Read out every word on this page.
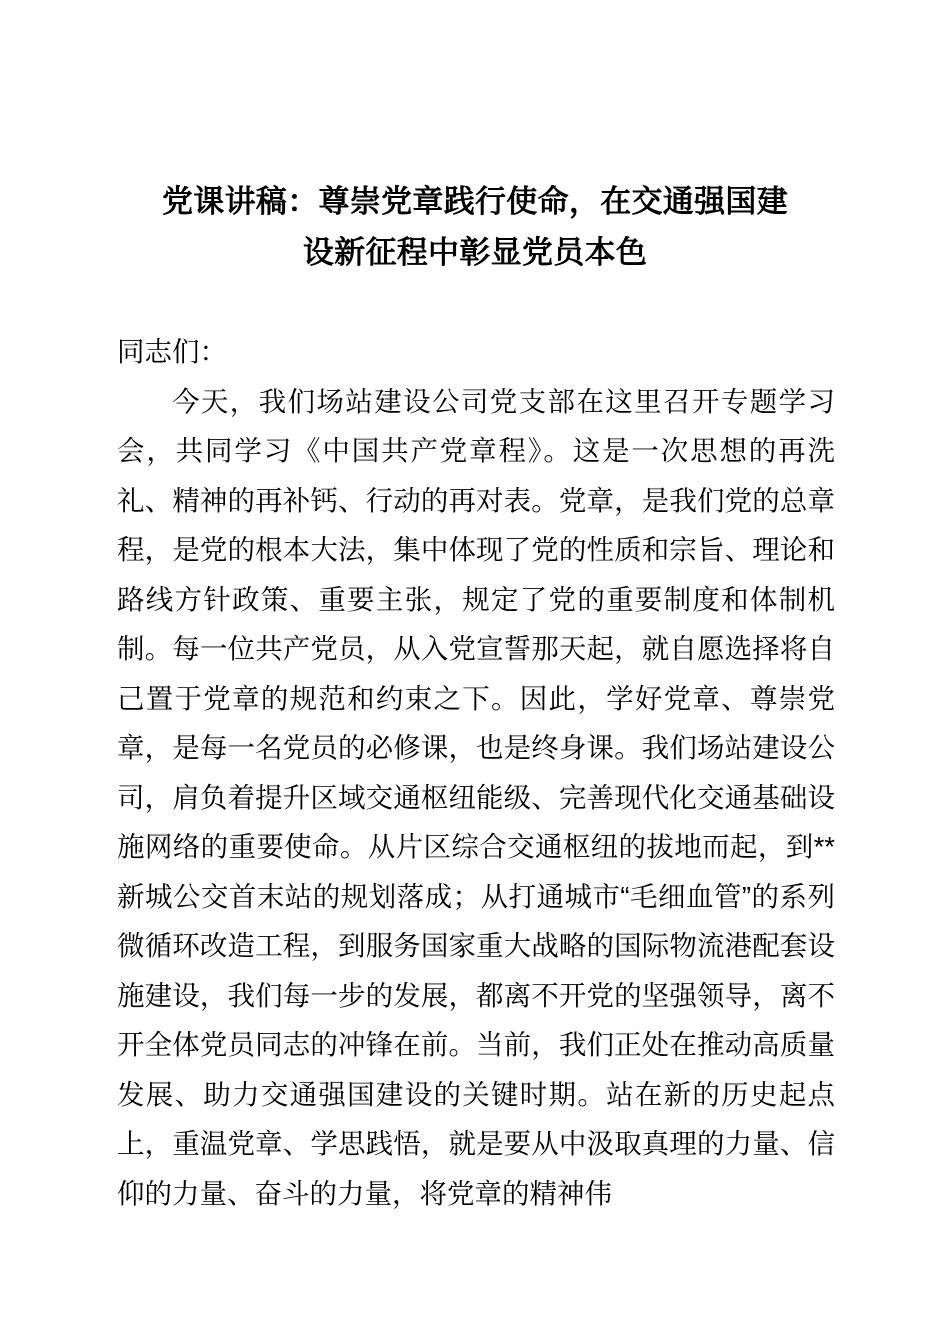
党课讲稿：尊崇党章践行使命，在交通强国建
设新征程中彰显党员本色

同志们：

今天，我们场站建设公司党支部在这里召开专题学习会，共同学习《中国共产党章程》。这是一次思想的再洗礼、精神的再补钙、行动的再对表。党章，是我们党的总章程，是党的根本大法，集中体现了党的性质和宗旨、理论和路线方针政策、重要主张，规定了党的重要制度和体制机制。每一位共产党员，从入党宣誓那天起，就自愿选择将自己置于党章的规范和约束之下。因此，学好党章、尊崇党章，是每一名党员的必修课，也是终身课。我们场站建设公司，肩负着提升区域交通枢纽能级、完善现代化交通基础设施网络的重要使命。从片区综合交通枢纽的拔地而起，到**新城公交首末站的规划落成；从打通城市“毛细血管”的系列微循环改造工程，到服务国家重大战略的国际物流港配套设施建设，我们每一步的发展，都离不开党的坚强领导，离不开全体党员同志的冲锋在前。当前，我们正处在推动高质量发展、助力交通强国建设的关键时期。站在新的历史起点上，重温党章、学思践悟，就是要从中汲取真理的力量、信仰的力量、奋斗的力量，将党章的精神伟
